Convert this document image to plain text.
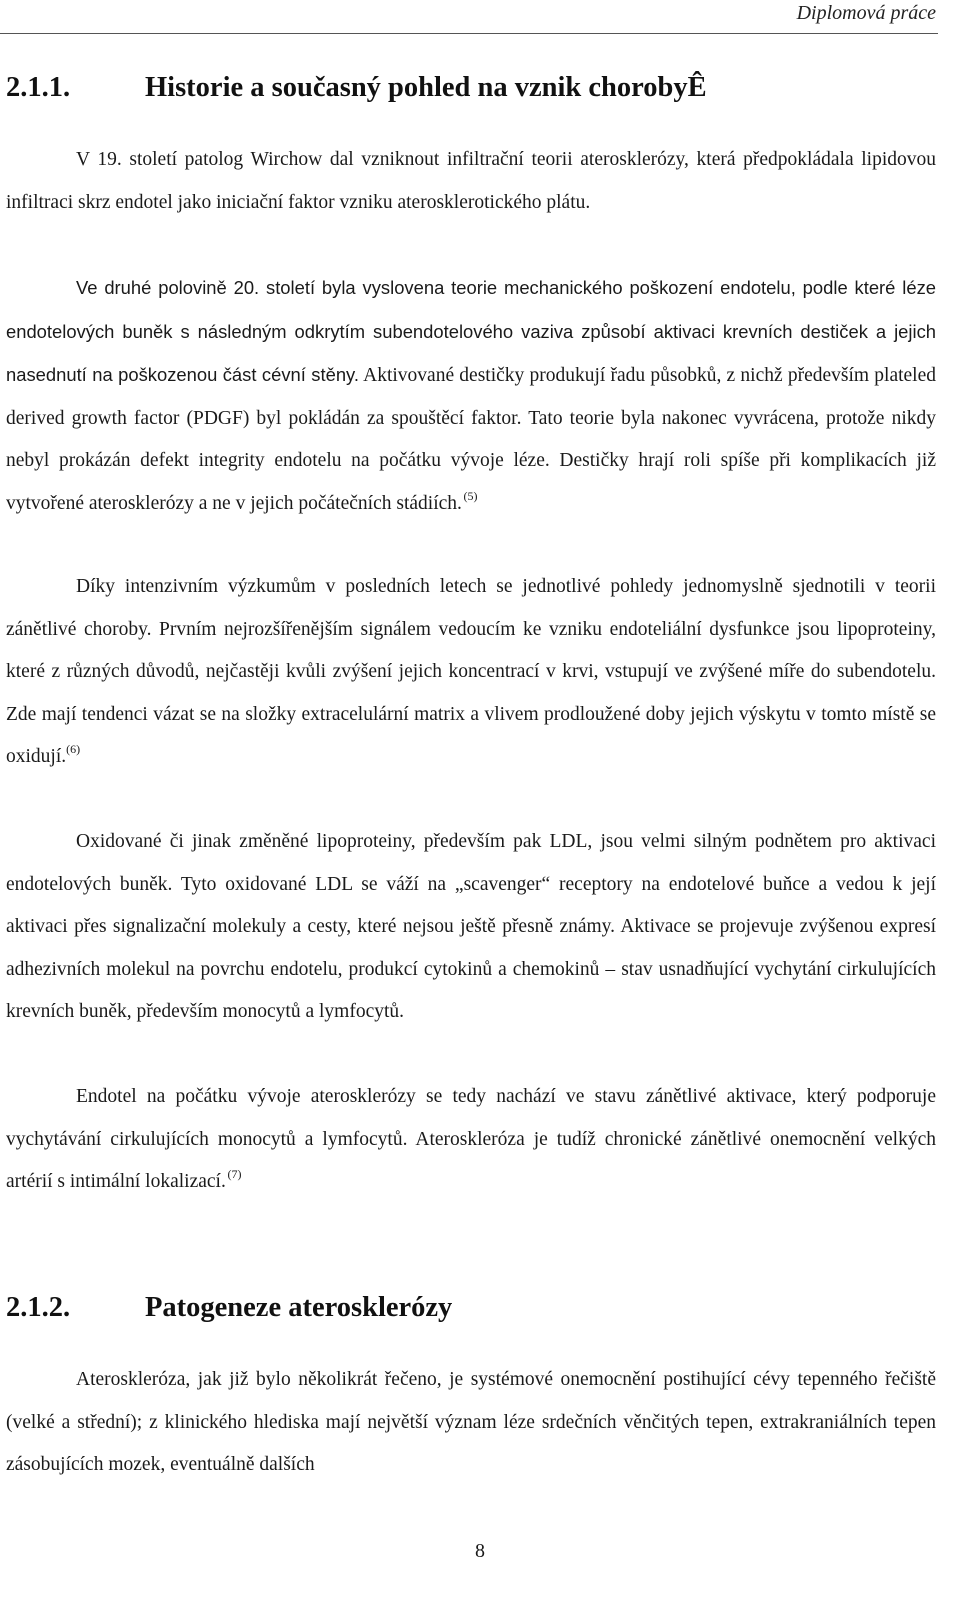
Diplomová práce
2.1.1.	Historie a současný pohled na vznik chorobyÊ

V 19. století patolog Wirchow dal vzniknout infiltrační teorii aterosklerózy, která předpokládala lipidovou infiltraci skrz endotel jako iniciační faktor vzniku aterosklerotického plátu.

Ve druhé polovině 20. století byla vyslovena teorie mechanického poškození endotelu, podle které léze endotelových buněk s následným odkrytím subendotelového vaziva způsobí aktivaci krevních destiček a jejich nasednutí na poškozenou část cévní stěny. Aktivované destičky produkují řadu působků, z nichž především plateled derived growth factor (PDGF) byl pokládán za spouštěcí faktor. Tato teorie byla nakonec vyvrácena, protože nikdy nebyl prokázán defekt integrity endotelu na počátku vývoje léze. Destičky hrají roli spíše při komplikacích již vytvořené aterosklerózy a ne v jejich počátečních stádiích.  $^{(5)}$

Díky intenzivním výzkumům v posledních letech se jednotlivé pohledy jednomyslně sjednotili v teorii zánětlivé choroby. Prvním nejrozšířenějším signálem vedoucím ke vzniku endoteliální dysfunkce jsou lipoproteiny, které z různých důvodů, nejčastěji kvůli zvýšení jejich koncentrací v krvi, vstupují ve zvýšené míře do subendotelu. Zde mají tendenci vázat se na složky extracelulární matrix a vlivem prodloužené doby jejich výskytu v tomto místě se oxidují.$^{(6)}$

Oxidované či jinak změněné lipoproteiny, především pak LDL, jsou velmi silným podnětem pro aktivaci endotelových buněk. Tyto oxidované LDL se váží na „scavenger“ receptory na endotelové buňce a vedou k její aktivaci přes signalizační molekuly a cesty, které nejsou ještě přesně známy. Aktivace se projevuje zvýšenou expresí adhezivních molekul na povrchu endotelu, produkcí cytokinů a chemokinů – stav usnadňující vychytání cirkulujících krevních buněk, především monocytů a lymfocytů.

Endotel na počátku vývoje aterosklerózy se tedy nachází ve stavu zánětlivé aktivace, který podporuje vychytávání cirkulujících monocytů a lymfocytů. Ateroskleróza je tudíž chronické zánětlivé onemocnění velkých artérií s intimální lokalizací.  $^{(7)}$

2.1.2.	Patogeneze aterosklerózy

Ateroskleróza, jak již bylo několikrát řečeno, je systémové onemocnění postihující cévy tepenného řečiště (velké a střední); z klinického hlediska mají největší význam léze srdečních věnčitých tepen, extrakraniálních tepen zásobujících mozek, eventuálně dalších

8
